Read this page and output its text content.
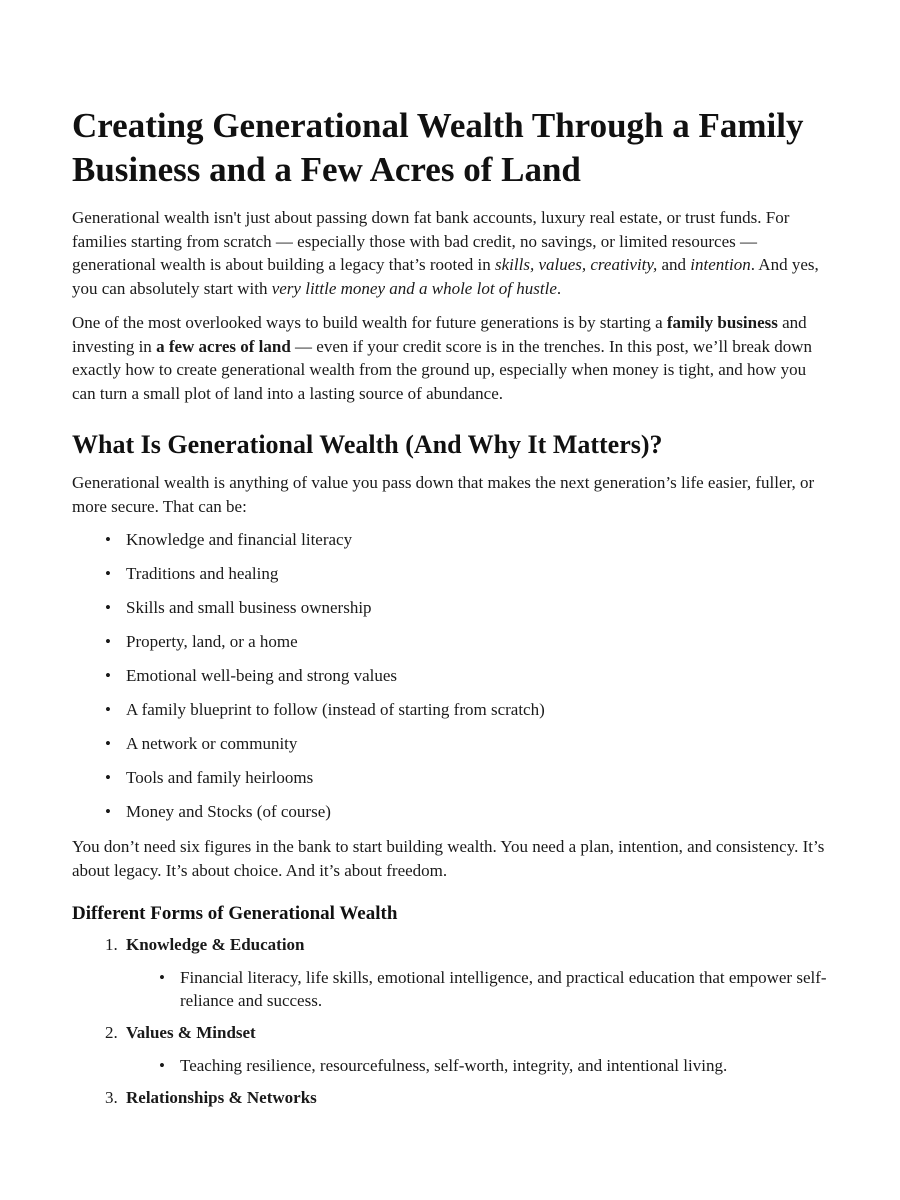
Creating Generational Wealth Through a Family Business and a Few Acres of Land

Generational wealth isn't just about passing down fat bank accounts, luxury real estate, or trust funds. For families starting from scratch — especially those with bad credit, no savings, or limited resources — generational wealth is about building a legacy that’s rooted in skills, values, creativity, and intention. And yes, you can absolutely start with very little money and a whole lot of hustle.

One of the most overlooked ways to build wealth for future generations is by starting a family business and investing in a few acres of land — even if your credit score is in the trenches. In this post, we’ll break down exactly how to create generational wealth from the ground up, especially when money is tight, and how you can turn a small plot of land into a lasting source of abundance.

What Is Generational Wealth (And Why It Matters)?

Generational wealth is anything of value you pass down that makes the next generation’s life easier, fuller, or more secure. That can be:

• Knowledge and financial literacy
• Traditions and healing
• Skills and small business ownership
• Property, land, or a home
• Emotional well-being and strong values
• A family blueprint to follow (instead of starting from scratch)
• A network or community
• Tools and family heirlooms
• Money and Stocks (of course)

You don’t need six figures in the bank to start building wealth. You need a plan, intention, and consistency. It’s about legacy. It’s about choice. And it’s about freedom.

Different Forms of Generational Wealth
1. Knowledge & Education
• Financial literacy, life skills, emotional intelligence, and practical education that empower self-reliance and success.
2. Values & Mindset
• Teaching resilience, resourcefulness, self-worth, integrity, and intentional living.
3. Relationships & Networks
